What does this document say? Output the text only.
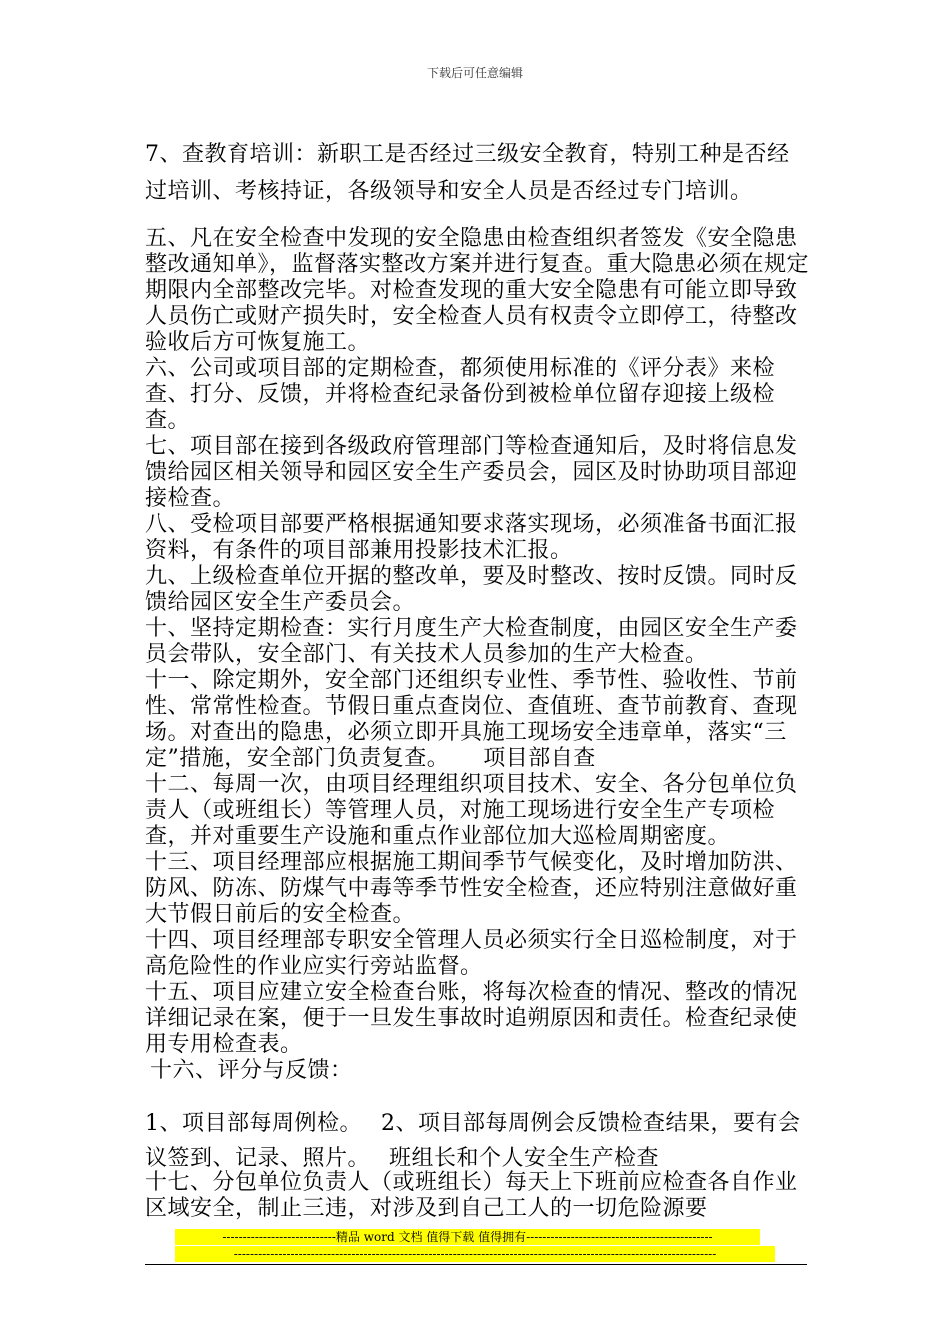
下载后可任意编辑

7、查教育培训：新职工是否经过三级安全教育，特别工种是否经过培训、考核持证，各级领导和安全人员是否经过专门培训。

五、凡在安全检查中发现的安全隐患由检查组织者签发《安全隐患整改通知单》，监督落实整改方案并进行复查。重大隐患必须在规定期限内全部整改完毕。对检查发现的重大安全隐患有可能立即导致人员伤亡或财产损失时，安全检查人员有权责令立即停工，待整改验收后方可恢复施工。

六、公司或项目部的定期检查，都须使用标准的《评分表》来检查、打分、反馈，并将检查纪录备份到被检单位留存迎接上级检查。

七、项目部在接到各级政府管理部门等检查通知后，及时将信息发馈给园区相关领导和园区安全生产委员会，园区及时协助项目部迎接检查。

八、受检项目部要严格根据通知要求落实现场，必须准备书面汇报资料，有条件的项目部兼用投影技术汇报。

九、上级检查单位开据的整改单，要及时整改、按时反馈。同时反馈给园区安全生产委员会。

十、坚持定期检查：实行月度生产大检查制度，由园区安全生产委员会带队，安全部门、有关技术人员参加的生产大检查。

十一、除定期外，安全部门还组织专业性、季节性、验收性、节前性、常常性检查。节假日重点查岗位、查值班、查节前教育、查现场。对查出的隐患，必须立即开具施工现场安全违章单，落实“三定”措施，安全部门负责复查。　　项目部自查

十二、每周一次，由项目经理组织项目技术、安全、各分包单位负责人（或班组长）等管理人员，对施工现场进行安全生产专项检查，并对重要生产设施和重点作业部位加大巡检周期密度。

十三、项目经理部应根据施工期间季节气候变化，及时增加防洪、防风、防冻、防煤气中毒等季节性安全检查，还应特别注意做好重大节假日前后的安全检查。

十四、项目经理部专职安全管理人员必须实行全日巡检制度，对于高危险性的作业应实行旁站监督。

十五、项目应建立安全检查台账，将每次检查的情况、整改的情况详细记录在案，便于一旦发生事故时追朔原因和责任。检查纪录使用专用检查表。

十六、评分与反馈：

1、项目部每周例检。　 2、项目部每周例会反馈检查结果，要有会议签到、记录、照片。　 班组长和个人安全生产检查

十七、分包单位负责人（或班组长）每天上下班前应检查各自作业区域安全，制止三违，对涉及到自己工人的一切危险源要

----------------------------精品 word 文档 值得下载 值得拥有----------------------------------------------
-----------------------------------------------------------------------------------------------------------------------
